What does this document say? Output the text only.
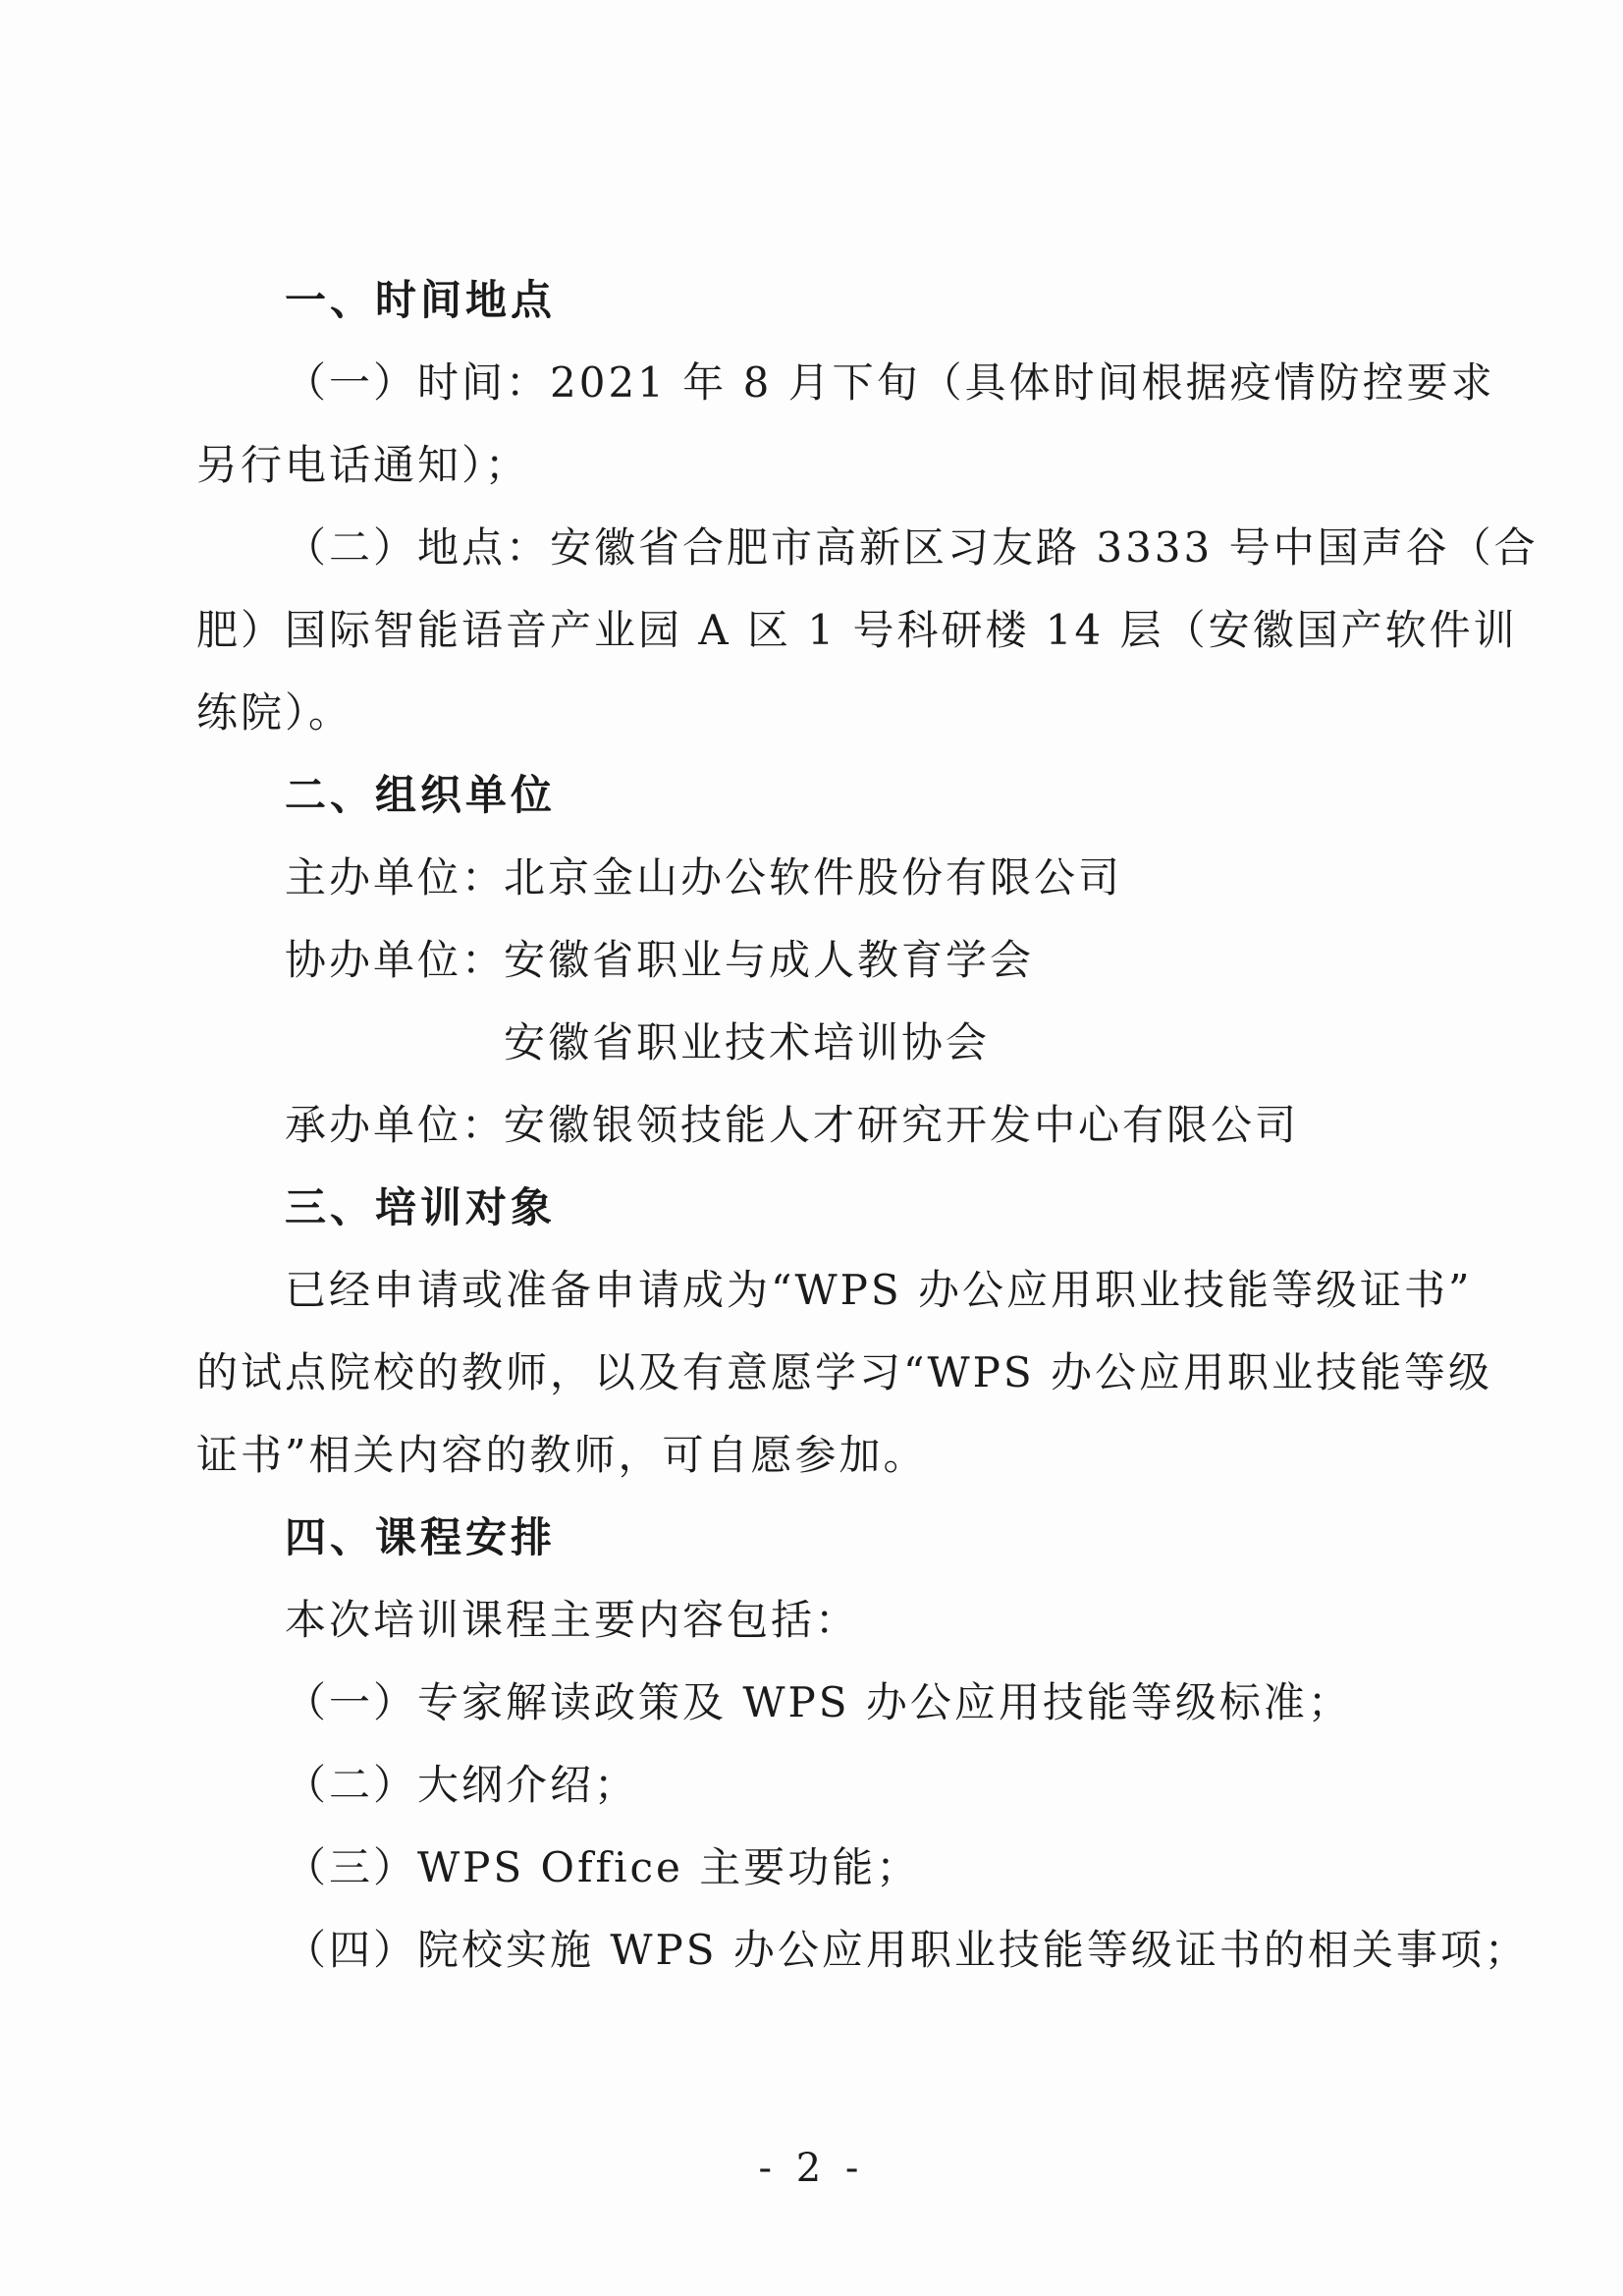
一、时间地点
（一）时间：2021 年 8 月下旬（具体时间根据疫情防控要求
另行电话通知）；
（二）地点：安徽省合肥市高新区习友路 3333 号中国声谷（合
肥）国际智能语音产业园 A 区 1 号科研楼 14 层（安徽国产软件训
练院）。
二、组织单位
主办单位：
北京金山办公软件股份有限公司
协办单位：
安徽省职业与成人教育学会
安徽省职业技术培训协会
承办单位：
安徽银领技能人才研究开发中心有限公司
三、培训对象
已经申请或准备申请成为“WPS 办公应用职业技能等级证书”
的试点院校的教师，以及有意愿学习“WPS 办公应用职业技能等级
证书”相关内容的教师，可自愿参加。
四、课程安排
本次培训课程主要内容包括：
（一）专家解读政策及 WPS 办公应用技能等级标准；
（二）大纲介绍；
（三）WPS Office 主要功能；
（四）院校实施 WPS 办公应用职业技能等级证书的相关事项；
- 2 -
